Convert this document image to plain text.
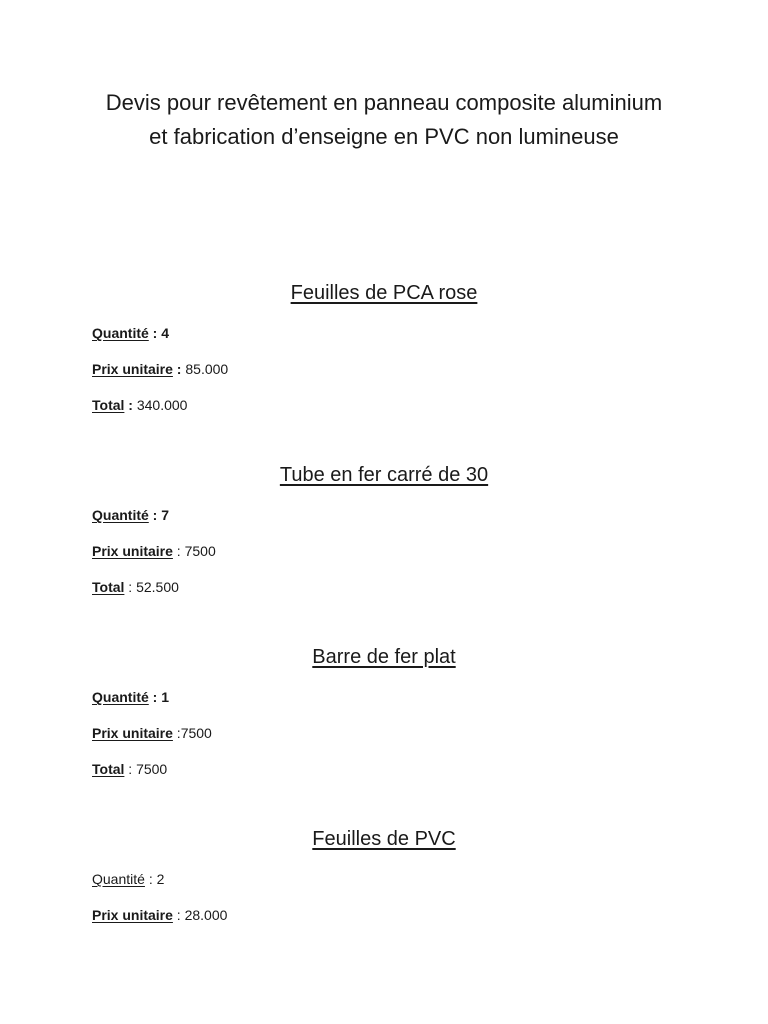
Devis pour revêtement en panneau composite aluminium et fabrication d’enseigne en PVC non lumineuse
Feuilles de PCA rose
Quantité : 4
Prix unitaire : 85.000
Total : 340.000
Tube en fer carré de 30
Quantité : 7
Prix unitaire : 7500
Total : 52.500
Barre de fer plat
Quantité : 1
Prix unitaire :7500
Total : 7500
Feuilles de PVC
Quantité : 2
Prix unitaire : 28.000
